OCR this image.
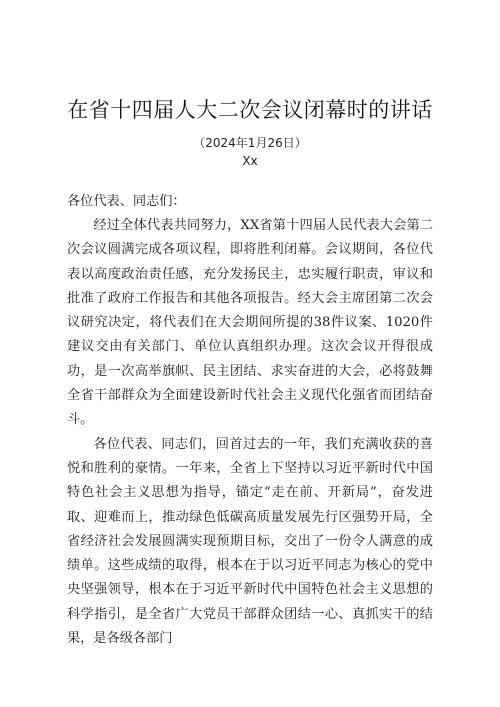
在省十四届人大二次会议闭幕时的讲话
（2024年1月26日）
Xx
各位代表、同志们：

经过全体代表共同努力，XX省第十四届人民代表大会第二次会议圆满完成各项议程，即将胜利闭幕。会议期间，各位代表以高度政治责任感，充分发扬民主，忠实履行职责，审议和批准了政府工作报告和其他各项报告。经大会主席团第二次会议研究决定，将代表们在大会期间所提的38件议案、1020件建议交由有关部门、单位认真组织办理。这次会议开得很成功，是一次高举旗帜、民主团结、求实奋进的大会，必将鼓舞全省干部群众为全面建设新时代社会主义现代化强省而团结奋斗。

各位代表、同志们，回首过去的一年，我们充满收获的喜悦和胜利的豪情。一年来，全省上下坚持以习近平新时代中国特色社会主义思想为指导，锚定“走在前、开新局”，奋发进取、迎难而上，推动绿色低碳高质量发展先行区强势开局，全省经济社会发展圆满实现预期目标，交出了一份令人满意的成绩单。这些成绩的取得，根本在于以习近平同志为核心的党中央坚强领导，根本在于习近平新时代中国特色社会主义思想的科学指引，是全省广大党员干部群众团结一心、真抓实干的结果，是各级各部门
